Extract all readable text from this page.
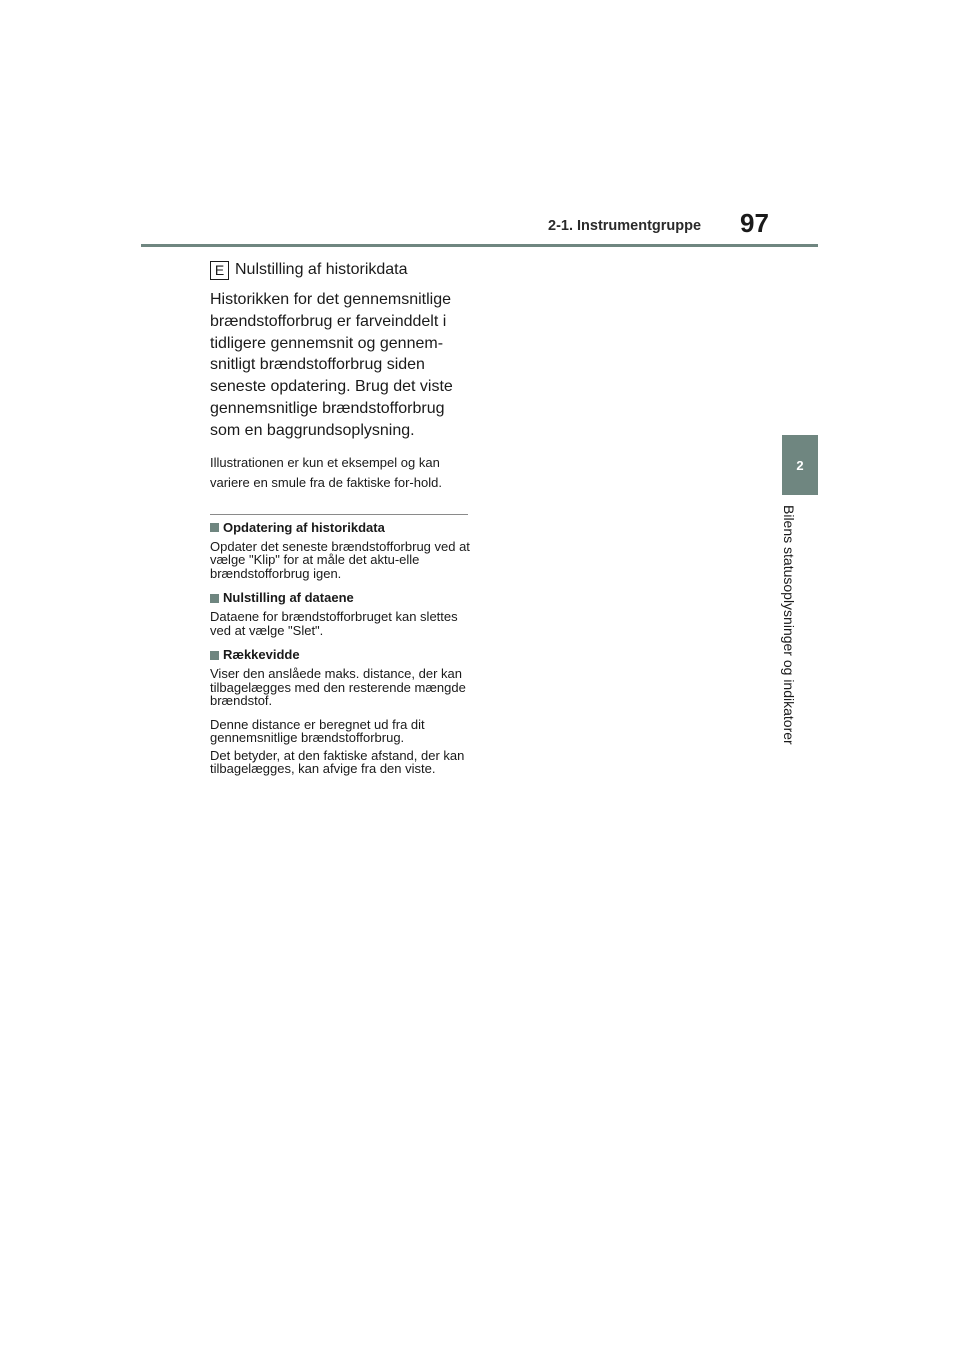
2-1. Instrumentgruppe 97
2
Bilens statusoplysninger og indikatorer
E Nulstilling af historikdata
Historikken for det gennemsnitlige brændstofforbrug er farveinddelt i tidligere gennemsnit og gennem-snitligt brændstofforbrug siden seneste opdatering. Brug det viste gennemsnitlige brændstofforbrug som en baggrundsoplysning.
Illustrationen er kun et eksempel og kan variere en smule fra de faktiske for-hold.
Opdatering af historikdata
Opdater det seneste brændstofforbrug ved at vælge "Klip" for at måle det aktu-elle brændstofforbrug igen.
Nulstilling af dataene
Dataene for brændstofforbruget kan slettes ved at vælge "Slet".
Rækkevidde
Viser den anslåede maks. distance, der kan tilbagelægges med den resterende mængde brændstof.
Denne distance er beregnet ud fra dit gennemsnitlige brændstofforbrug.
Det betyder, at den faktiske afstand, der kan tilbagelægges, kan afvige fra den viste.
